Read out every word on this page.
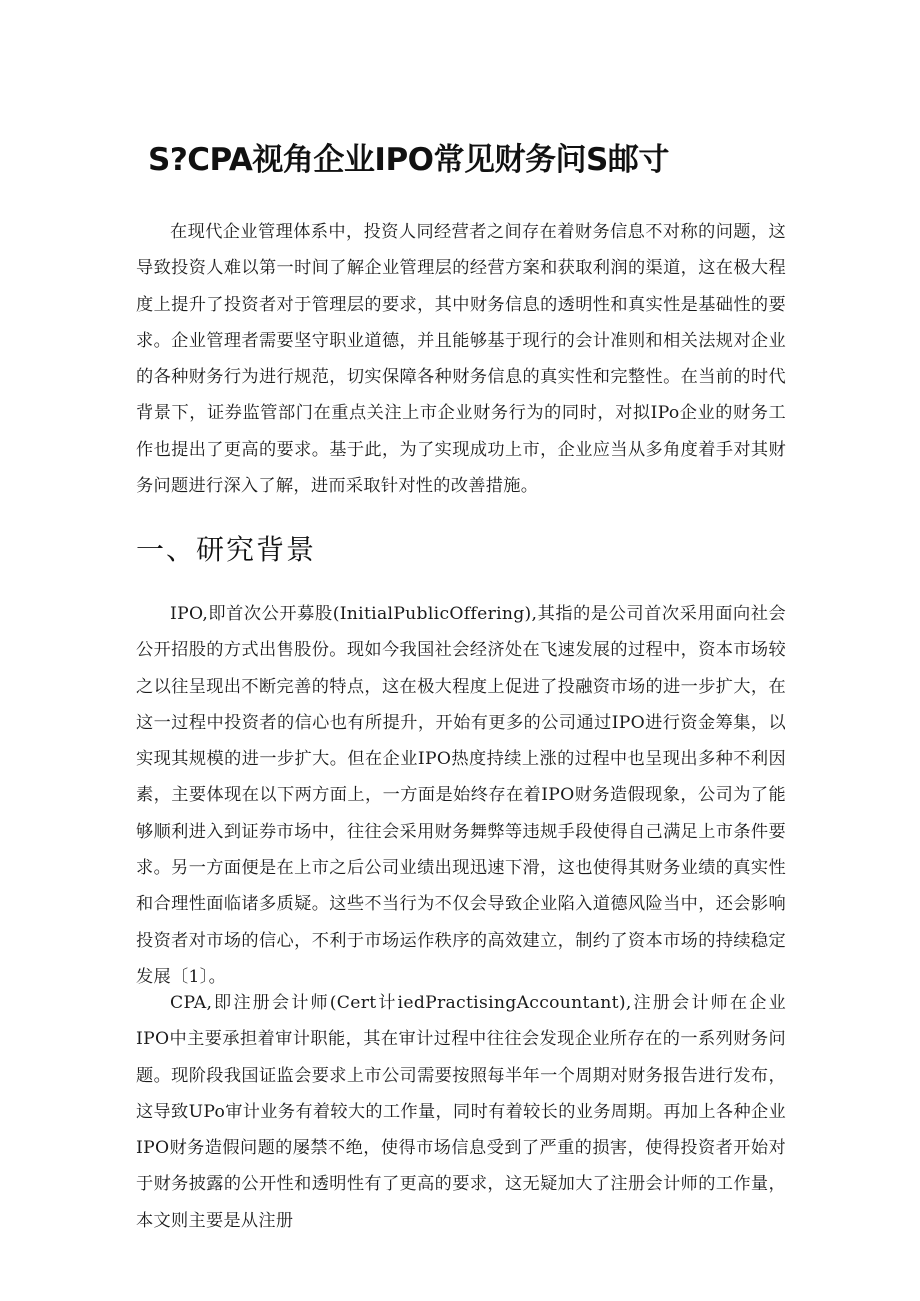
S?CPA视角企业IPO常见财务问S邮寸

在现代企业管理体系中，投资人同经营者之间存在着财务信息不对称的问题，这导致投资人难以第一时间了解企业管理层的经营方案和获取利润的渠道，这在极大程度上提升了投资者对于管理层的要求，其中财务信息的透明性和真实性是基础性的要求。企业管理者需要坚守职业道德，并且能够基于现行的会计准则和相关法规对企业的各种财务行为进行规范，切实保障各种财务信息的真实性和完整性。在当前的时代背景下，证券监管部门在重点关注上市企业财务行为的同时，对拟IPo企业的财务工作也提出了更高的要求。基于此，为了实现成功上市，企业应当从多角度着手对其财务问题进行深入了解，进而采取针对性的改善措施。

一、研究背景

IPO,即首次公开募股(InitialPublicOffering),其指的是公司首次采用面向社会公开招股的方式出售股份。现如今我国社会经济处在飞速发展的过程中，资本市场较之以往呈现出不断完善的特点，这在极大程度上促进了投融资市场的进一步扩大，在这一过程中投资者的信心也有所提升，开始有更多的公司通过IPO进行资金筹集，以实现其规模的进一步扩大。但在企业IPO热度持续上涨的过程中也呈现出多种不利因素，主要体现在以下两方面上，一方面是始终存在着IPO财务造假现象，公司为了能够顺利进入到证券市场中，往往会采用财务舞弊等违规手段使得自己满足上市条件要求。另一方面便是在上市之后公司业绩出现迅速下滑，这也使得其财务业绩的真实性和合理性面临诸多质疑。这些不当行为不仅会导致企业陷入道德风险当中，还会影响投资者对市场的信心，不利于市场运作秩序的高效建立，制约了资本市场的持续稳定发展〔1〕。

CPA,即注册会计师(Cert计iedPractisingAccountant),注册会计师在企业IPO中主要承担着审计职能，其在审计过程中往往会发现企业所存在的一系列财务问题。现阶段我国证监会要求上市公司需要按照每半年一个周期对财务报告进行发布，这导致UPo审计业务有着较大的工作量，同时有着较长的业务周期。再加上各种企业IPO财务造假问题的屡禁不绝，使得市场信息受到了严重的损害，使得投资者开始对于财务披露的公开性和透明性有了更高的要求，这无疑加大了注册会计师的工作量，本文则主要是从注册
